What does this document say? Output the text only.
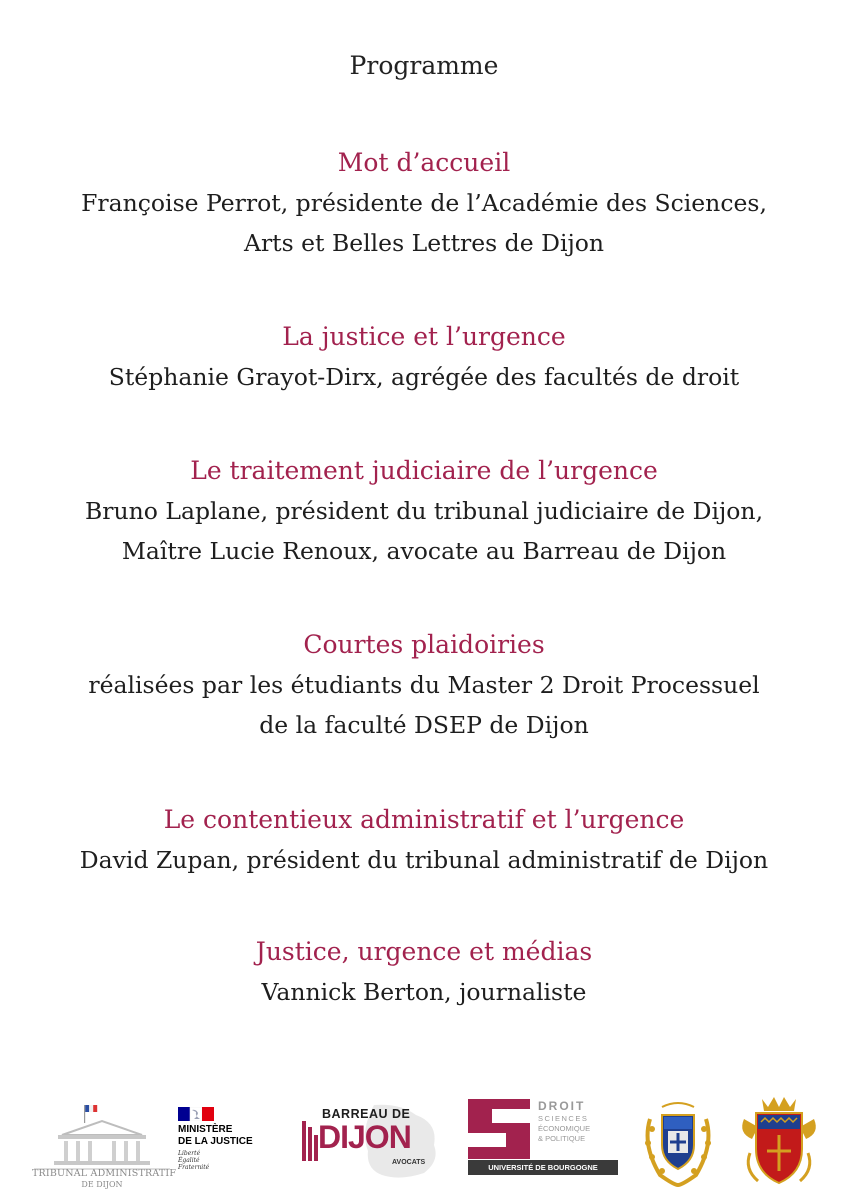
Programme
Mot d’accueil
Françoise Perrot, présidente de l’Académie des Sciences,
Arts et Belles Lettres de Dijon
La justice et l’urgence
Stéphanie Grayot-Dirx, agrégée des facultés de droit
Le traitement judiciaire de l’urgence
Bruno Laplane, président du tribunal judiciaire de Dijon,
Maître Lucie Renoux, avocate au Barreau de Dijon
Courtes plaidoiries
réalisées par les étudiants du Master 2 Droit Processuel
de la faculté DSEP de Dijon
Le contentieux administratif et l’urgence
David Zupan, président du tribunal administratif de Dijon
Justice, urgence et médias
Vannick Berton, journaliste
TRIBUNAL ADMINISTRATIF
DE DIJON
MINISTÈRE
DE LA JUSTICE
Liberté
Égalité
Fraternité
BARREAU DE
DIJON
AVOCATS
DROIT
SCIENCES
ÉCONOMIQUE
& POLITIQUE
UNIVERSITÉ DE BOURGOGNE
